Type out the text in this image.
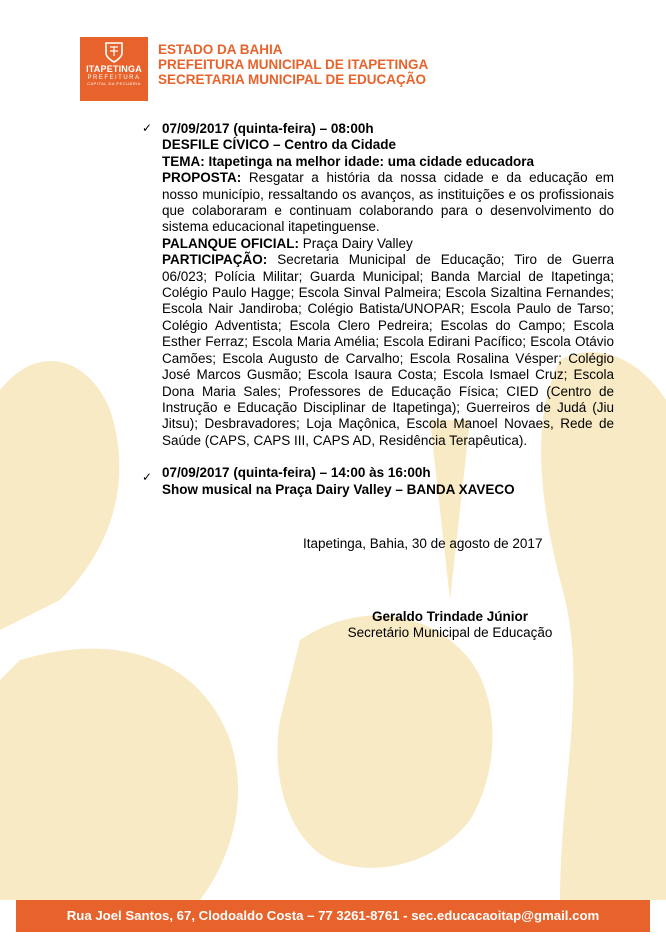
ITAPETINGA
PREFEITURA
CAPITAL DA PECUÁRIA
ESTADO DA BAHIA
PREFEITURA MUNICIPAL DE ITAPETINGA
SECRETARIA MUNICIPAL DE EDUCAÇÃO
✓
✓
07/09/2017 (quinta-feira) – 08:00h
DESFILE CÍVICO – Centro da Cidade
TEMA: Itapetinga na melhor idade: uma cidade educadora
PROPOSTA: Resgatar a história da nossa cidade e da educação em nosso município, ressaltando os avanços, as instituições e os profissionais que colaboraram e continuam colaborando para o desenvolvimento do sistema educacional itapetinguense.
PALANQUE OFICIAL: Praça Dairy Valley
PARTICIPAÇÃO: Secretaria Municipal de Educação; Tiro de Guerra 06/023; Polícia Militar; Guarda Municipal; Banda Marcial de Itapetinga; Colégio Paulo Hagge; Escola Sinval Palmeira; Escola Sizaltina Fernandes; Escola Nair Jandiroba; Colégio Batista/UNOPAR; Escola Paulo de Tarso; Colégio Adventista; Escola Clero Pedreira; Escolas do Campo; Escola Esther Ferraz; Escola Maria Amélia; Escola Edirani Pacífico; Escola Otávio Camões; Escola Augusto de Carvalho; Escola Rosalina Vésper; Colégio José Marcos Gusmão; Escola Isaura Costa; Escola Ismael Cruz; Escola Dona Maria Sales; Professores de Educação Física; CIED (Centro de Instrução e Educação Disciplinar de Itapetinga); Guerreiros de Judá (Jiu Jitsu); Desbravadores; Loja Maçônica, Escola Manoel Novaes, Rede de Saúde (CAPS, CAPS III, CAPS AD, Residência Terapêutica).
07/09/2017 (quinta-feira) – 14:00 às 16:00h
Show musical na Praça Dairy Valley – BANDA XAVECO
Itapetinga, Bahia, 30 de agosto de 2017
Geraldo Trindade Júnior
Secretário Municipal de Educação
Rua Joel Santos, 67, Clodoaldo Costa – 77 3261-8761 - sec.educacaoitap@gmail.com
